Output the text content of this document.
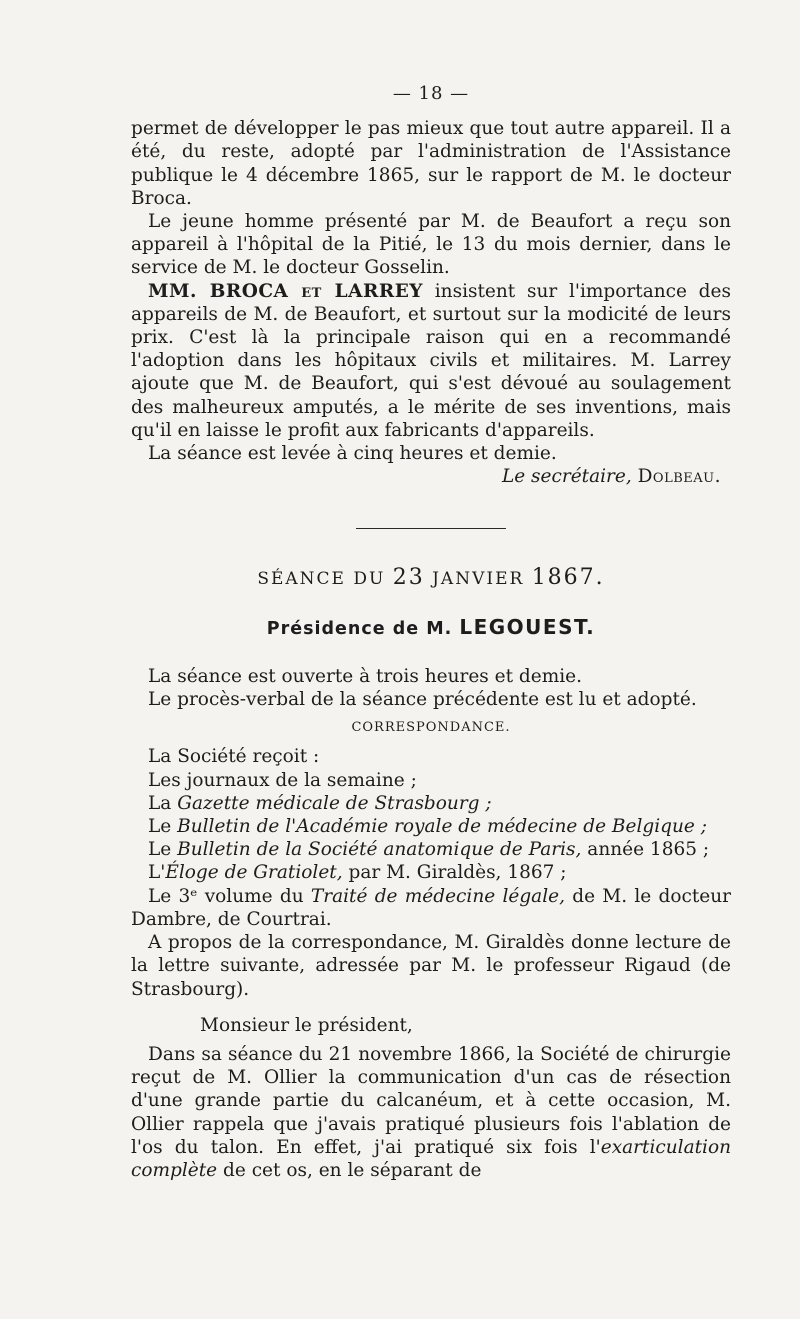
— 18 —

permet de développer le pas mieux que tout autre appareil. Il a été, du reste, adopté par l'administration de l'Assistance publique le 4 décembre 1865, sur le rapport de M. le docteur Broca.

Le jeune homme présenté par M. de Beaufort a reçu son appareil à l'hôpital de la Pitié, le 13 du mois dernier, dans le service de M. le docteur Gosselin.

MM. BROCA et LARREY insistent sur l'importance des appareils de M. de Beaufort, et surtout sur la modicité de leurs prix. C'est là la principale raison qui en a recommandé l'adoption dans les hôpitaux civils et militaires. M. Larrey ajoute que M. de Beaufort, qui s'est dévoué au soulagement des malheureux amputés, a le mérite de ses inventions, mais qu'il en laisse le profit aux fabricants d'appareils.

La séance est levée à cinq heures et demie.

Le secrétaire, Dolbeau.

SÉANCE DU 23 JANVIER 1867.
Présidence de M. LEGOUEST.

La séance est ouverte à trois heures et demie.

Le procès-verbal de la séance précédente est lu et adopté.

CORRESPONDANCE.

La Société reçoit :

Les journaux de la semaine ;

La Gazette médicale de Strasbourg ;

Le Bulletin de l'Académie royale de médecine de Belgique ;

Le Bulletin de la Société anatomique de Paris, année 1865 ;

L'Éloge de Gratiolet, par M. Giraldès, 1867 ;

Le 3ᵉ volume du Traité de médecine légale, de M. le docteur Dambre, de Courtrai.

A propos de la correspondance, M. Giraldès donne lecture de la lettre suivante, adressée par M. le professeur Rigaud (de Strasbourg).

Monsieur le président,

Dans sa séance du 21 novembre 1866, la Société de chirurgie reçut de M. Ollier la communication d'un cas de résection d'une grande partie du calcanéum, et à cette occasion, M. Ollier rappela que j'avais pratiqué plusieurs fois l'ablation de l'os du talon. En effet, j'ai pratiqué six fois l'exarticulation complète de cet os, en le séparant de
